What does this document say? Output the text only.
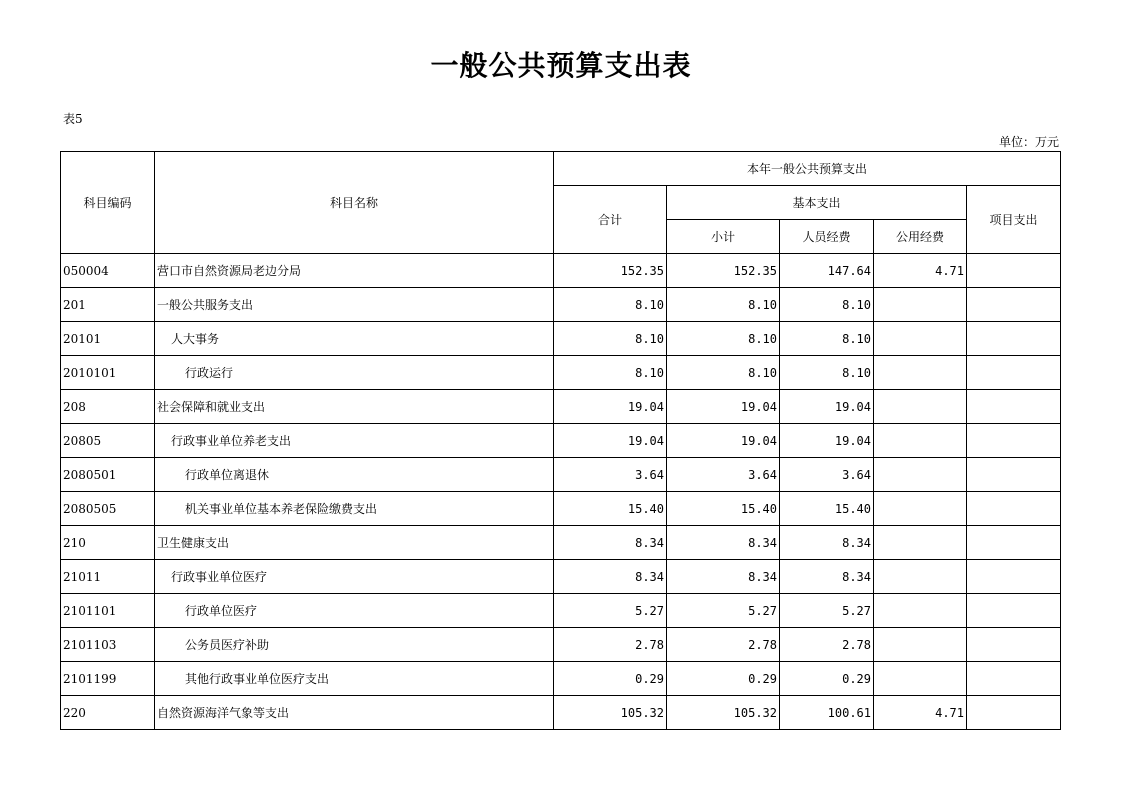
一般公共预算支出表
表5
单位：万元
科目编码	科目名称	本年一般公共预算支出				
		合计	基本支出			项目支出
			小计	人员经费	公用经费	
050004	营口市自然资源局老边分局	152.35	152.35	147.64	4.71	
201	一般公共服务支出	8.10	8.10	8.10		
20101	人大事务	8.10	8.10	8.10		
2010101	行政运行	8.10	8.10	8.10		
208	社会保障和就业支出	19.04	19.04	19.04		
20805	行政事业单位养老支出	19.04	19.04	19.04		
2080501	行政单位离退休	3.64	3.64	3.64		
2080505	机关事业单位基本养老保险缴费支出	15.40	15.40	15.40		
210	卫生健康支出	8.34	8.34	8.34		
21011	行政事业单位医疗	8.34	8.34	8.34		
2101101	行政单位医疗	5.27	5.27	5.27		
2101103	公务员医疗补助	2.78	2.78	2.78		
2101199	其他行政事业单位医疗支出	0.29	0.29	0.29		
220	自然资源海洋气象等支出	105.32	105.32	100.61	4.71	
